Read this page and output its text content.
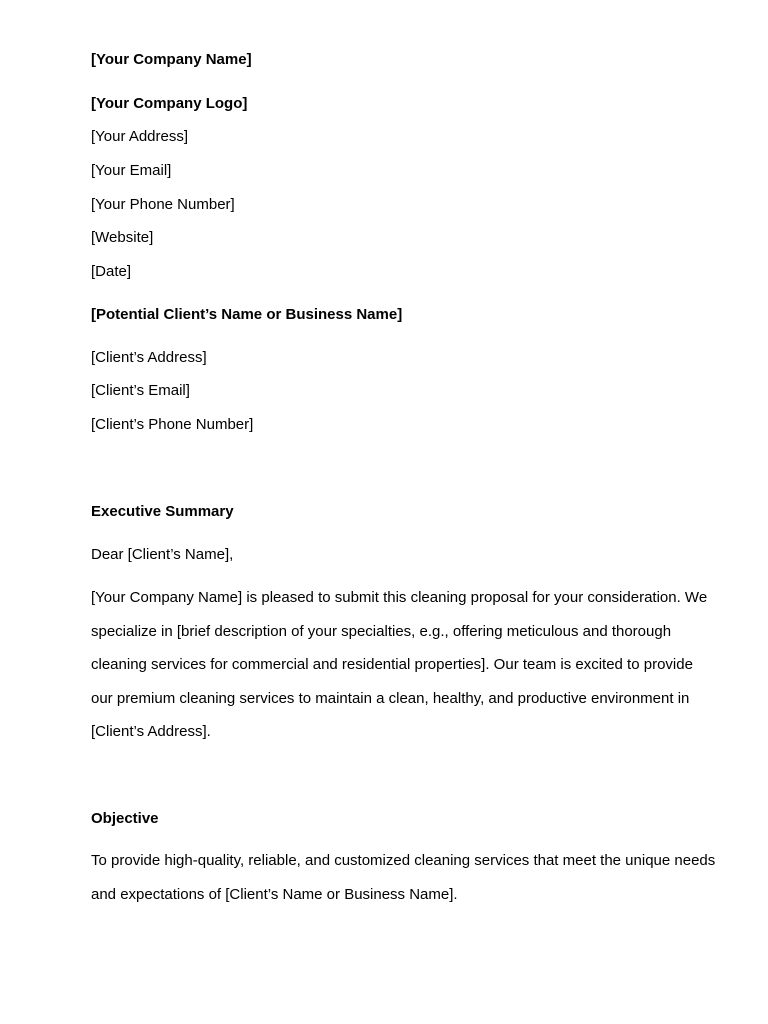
[Your Company Name]
[Your Company Logo]
[Your Address]
[Your Email]
[Your Phone Number]
[Website]
[Date]
[Potential Client’s Name or Business Name]
[Client’s Address]
[Client’s Email]
[Client’s Phone Number]
Executive Summary
Dear [Client’s Name],

[Your Company Name] is pleased to submit this cleaning proposal for your consideration. We specialize in [brief description of your specialties, e.g., offering meticulous and thorough cleaning services for commercial and residential properties]. Our team is excited to provide our premium cleaning services to maintain a clean, healthy, and productive environment in [Client’s Address].

Objective

To provide high-quality, reliable, and customized cleaning services that meet the unique needs and expectations of [Client’s Name or Business Name].
